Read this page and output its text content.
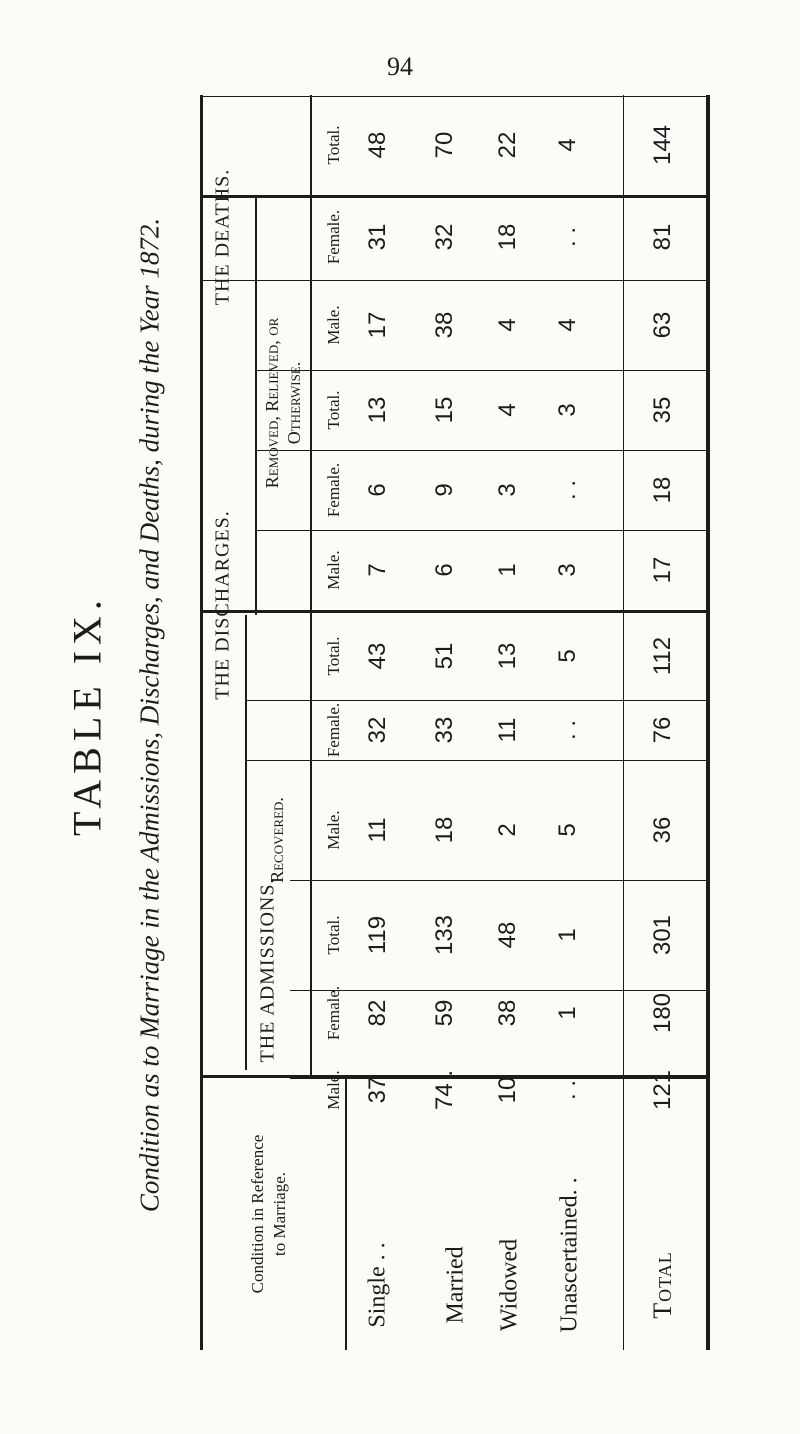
94
TABLE IX. Condition as to Marriage in the Admissions, Discharges, and Deaths, during the Year 1872.
Condition in Reference to Marriage.
THE ADMISSIONS.
THE DISCHARGES.
Recovered.
Removed, Relieved, or Otherwise.
THE DEATHS.
Male.
Female.
Total.
Male.
Female.
Total.
Male.
Female.
Total.
Male.
Female.
Total.
Single . . Married Widowed Unascertained. .	Total
37
82
119
11
32
43
7
6
13
17
31
48
74 .
59
133
18
33
51
6
9
15
38
32
70
10
38
48
2
11
13
1
3
4
4
18
22
. .
1
1
5
. .
5
3
. .
3
4
. .
4
121
180
301
36
76
112
17
18
35
63
81
144
